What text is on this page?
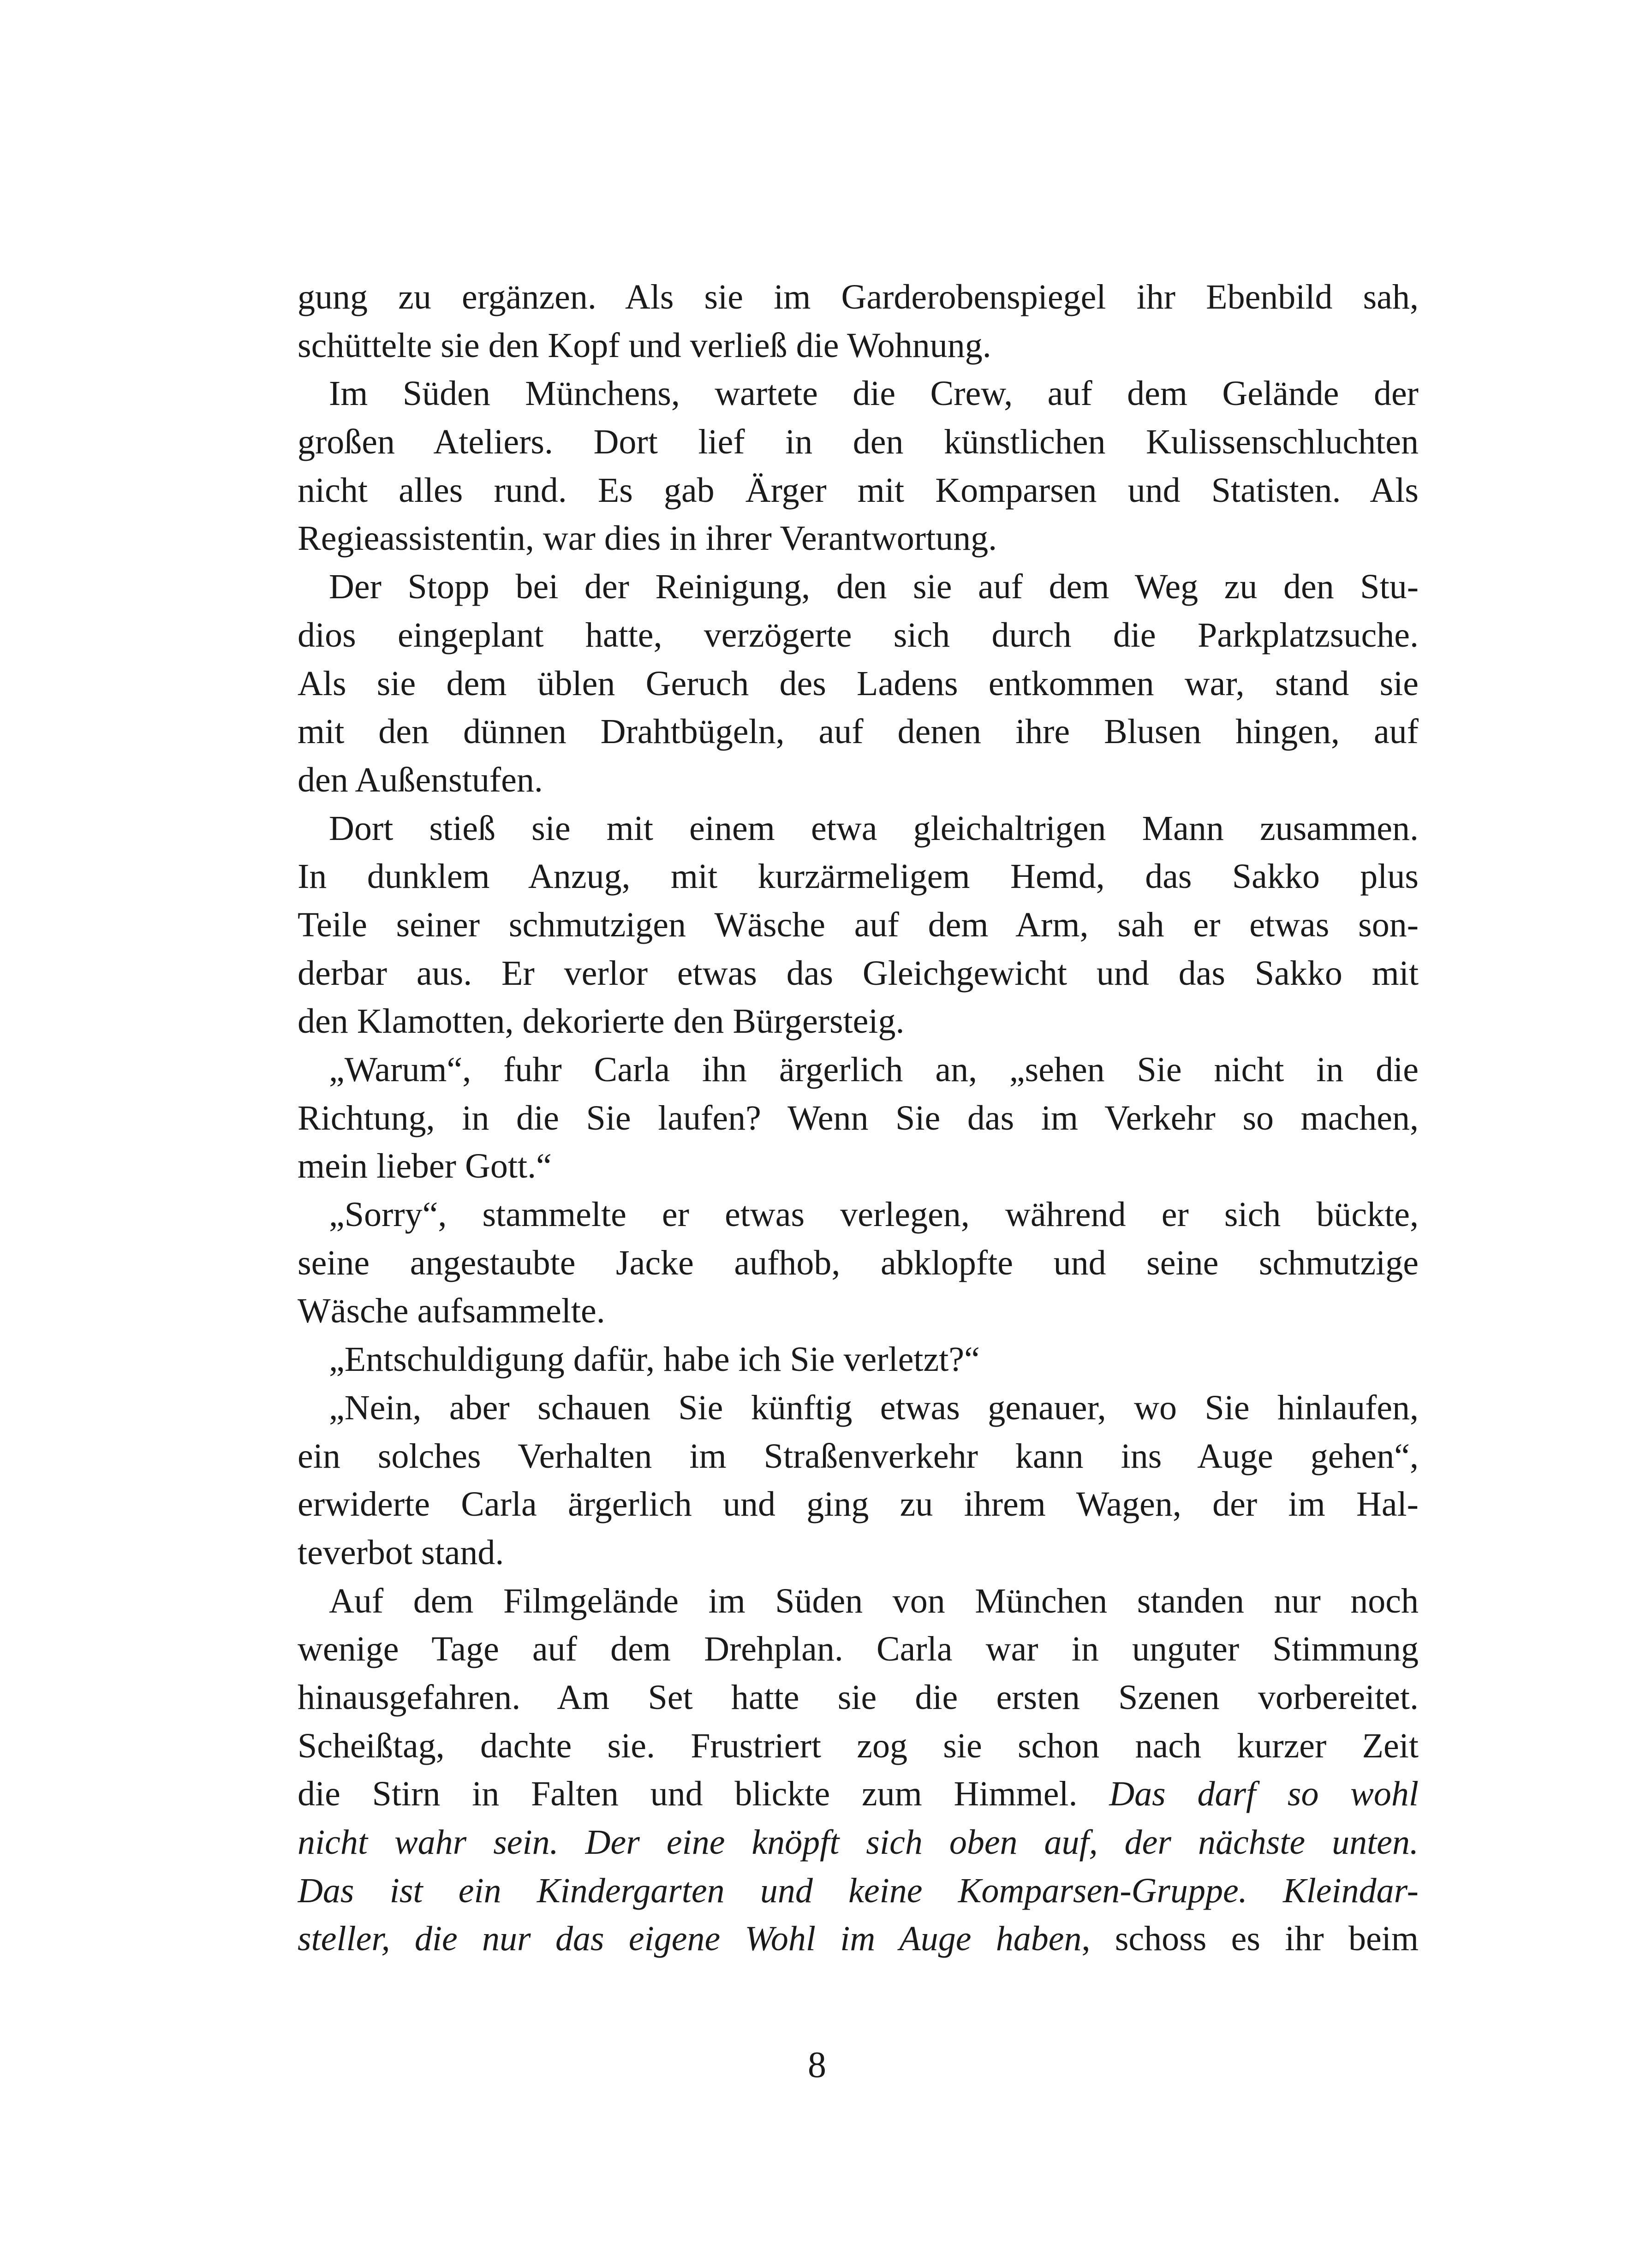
gung zu ergänzen. Als sie im Garderobenspiegel ihr Ebenbild sah,
schüttelte sie den Kopf und verließ die Wohnung.
Im Süden Münchens, wartete die Crew, auf dem Gelände der
großen Ateliers. Dort lief in den künstlichen Kulissenschluchten
nicht alles rund. Es gab Ärger mit Komparsen und Statisten. Als
Regieassistentin, war dies in ihrer Verantwortung.
Der Stopp bei der Reinigung, den sie auf dem Weg zu den Stu-
dios eingeplant hatte, verzögerte sich durch die Parkplatzsuche.
Als sie dem üblen Geruch des Ladens entkommen war, stand sie
mit den dünnen Drahtbügeln, auf denen ihre Blusen hingen, auf
den Außenstufen.
Dort stieß sie mit einem etwa gleichaltrigen Mann zusammen.
In dunklem Anzug, mit kurzärmeligem Hemd, das Sakko plus
Teile seiner schmutzigen Wäsche auf dem Arm, sah er etwas son-
derbar aus. Er verlor etwas das Gleichgewicht und das Sakko mit
den Klamotten, dekorierte den Bürgersteig.
„Warum“, fuhr Carla ihn ärgerlich an, „sehen Sie nicht in die
Richtung, in die Sie laufen? Wenn Sie das im Verkehr so machen,
mein lieber Gott.“
„Sorry“, stammelte er etwas verlegen, während er sich bückte,
seine angestaubte Jacke aufhob, abklopfte und seine schmutzige
Wäsche aufsammelte.
„Entschuldigung dafür, habe ich Sie verletzt?“
„Nein, aber schauen Sie künftig etwas genauer, wo Sie hinlaufen,
ein solches Verhalten im Straßenverkehr kann ins Auge gehen“,
erwiderte Carla ärgerlich und ging zu ihrem Wagen, der im Hal-
teverbot stand.
Auf dem Filmgelände im Süden von München standen nur noch
wenige Tage auf dem Drehplan. Carla war in unguter Stimmung
hinausgefahren. Am Set hatte sie die ersten Szenen vorbereitet.
Scheißtag, dachte sie. Frustriert zog sie schon nach kurzer Zeit
die Stirn in Falten und blickte zum Himmel. Das darf so wohl
nicht wahr sein. Der eine knöpft sich oben auf, der nächste unten.
Das ist ein Kindergarten und keine Komparsen-Gruppe. Kleindar-
steller, die nur das eigene Wohl im Auge haben, schoss es ihr beim
8
